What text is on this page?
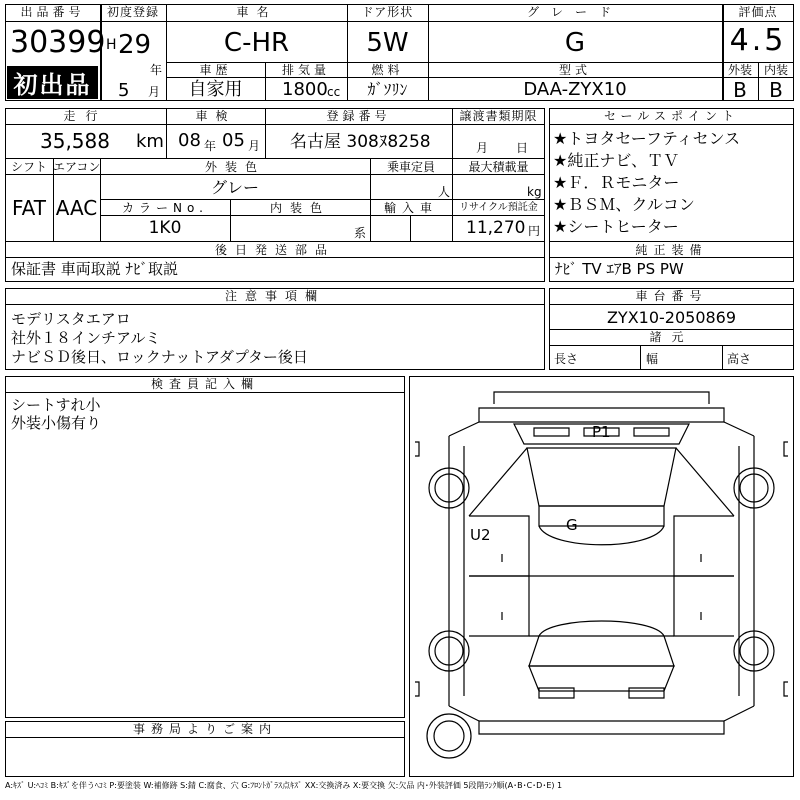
出品番号
30399
初出品
初度登録
H 29
年
5 月
車名
C-HR
ドア形状
5W
グレード
G
評価点
4.5
車歴
自家用
排気量
1800 cc
燃料
ｶﾞｿﾘﾝ
型式
DAA-ZYX10
外装
B
内装
B
走行
35,588 km
車検
08 年 05 月
登録番号
名古屋 308ﾇ8258
譲渡書類期限
月 日
シフト
FAT
エアコン
AAC
外装色
グレー
乗車定員
人
最大積載量
kg
カラーNo.
1K0
内装色
系
輸入車	リサイクル預託金
11,270 円
後日発送部品
保証書 車両取説 ﾅﾋﾞ取説
セールスポイント
★トヨタセーフティセンス
★純正ナビ、ＴＶ
★Ｆ．Ｒモニター
★ＢＳＭ、クルコン
★シートヒーター
純正装備
ﾅﾋﾞ TV ｴｱB PS PW
注意事項欄
モデリスタエアロ
社外１８インチアルミ
ナビＳＤ後日、ロックナットアダプター後日
車台番号
ZYX10-2050869
諸元
長さ	幅	高さ
検査員記入欄
シートすれ小
外装小傷有り
事務局よりご案内
P1
G
U2
A:ｷｽﾞ U:ﾍｺﾐ B:ｷｽﾞを伴うﾍｺﾐ P:要塗装 W:補修跡 S:錆 C:腐食、穴 G:ﾌﾛﾝﾄｶﾞﾗｽ点ｷｽﾞ XX:交換済み X:要交換 欠:欠品 内･外装評価 5段階ﾗﾝｸ順(A･B･C･D･E) 1
